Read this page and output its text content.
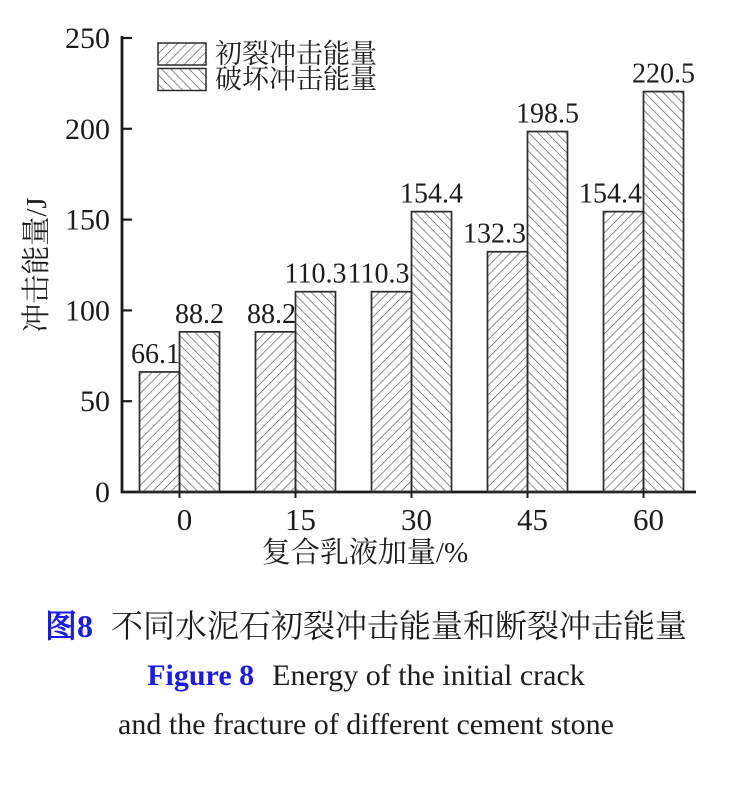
0
50
100
150
200
250
66.1
88.2
0
88.2
110.3
15
110.3
154.4
30
132.3
198.5
45
154.4
220.5
60
冲击能量/J
复合乳液加量/%
初裂冲击能量
破坏冲击能量

图8 不同水泥石初裂冲击能量和断裂冲击能量

Figure 8 Energy of the initial crack

and the fracture of different cement stone
